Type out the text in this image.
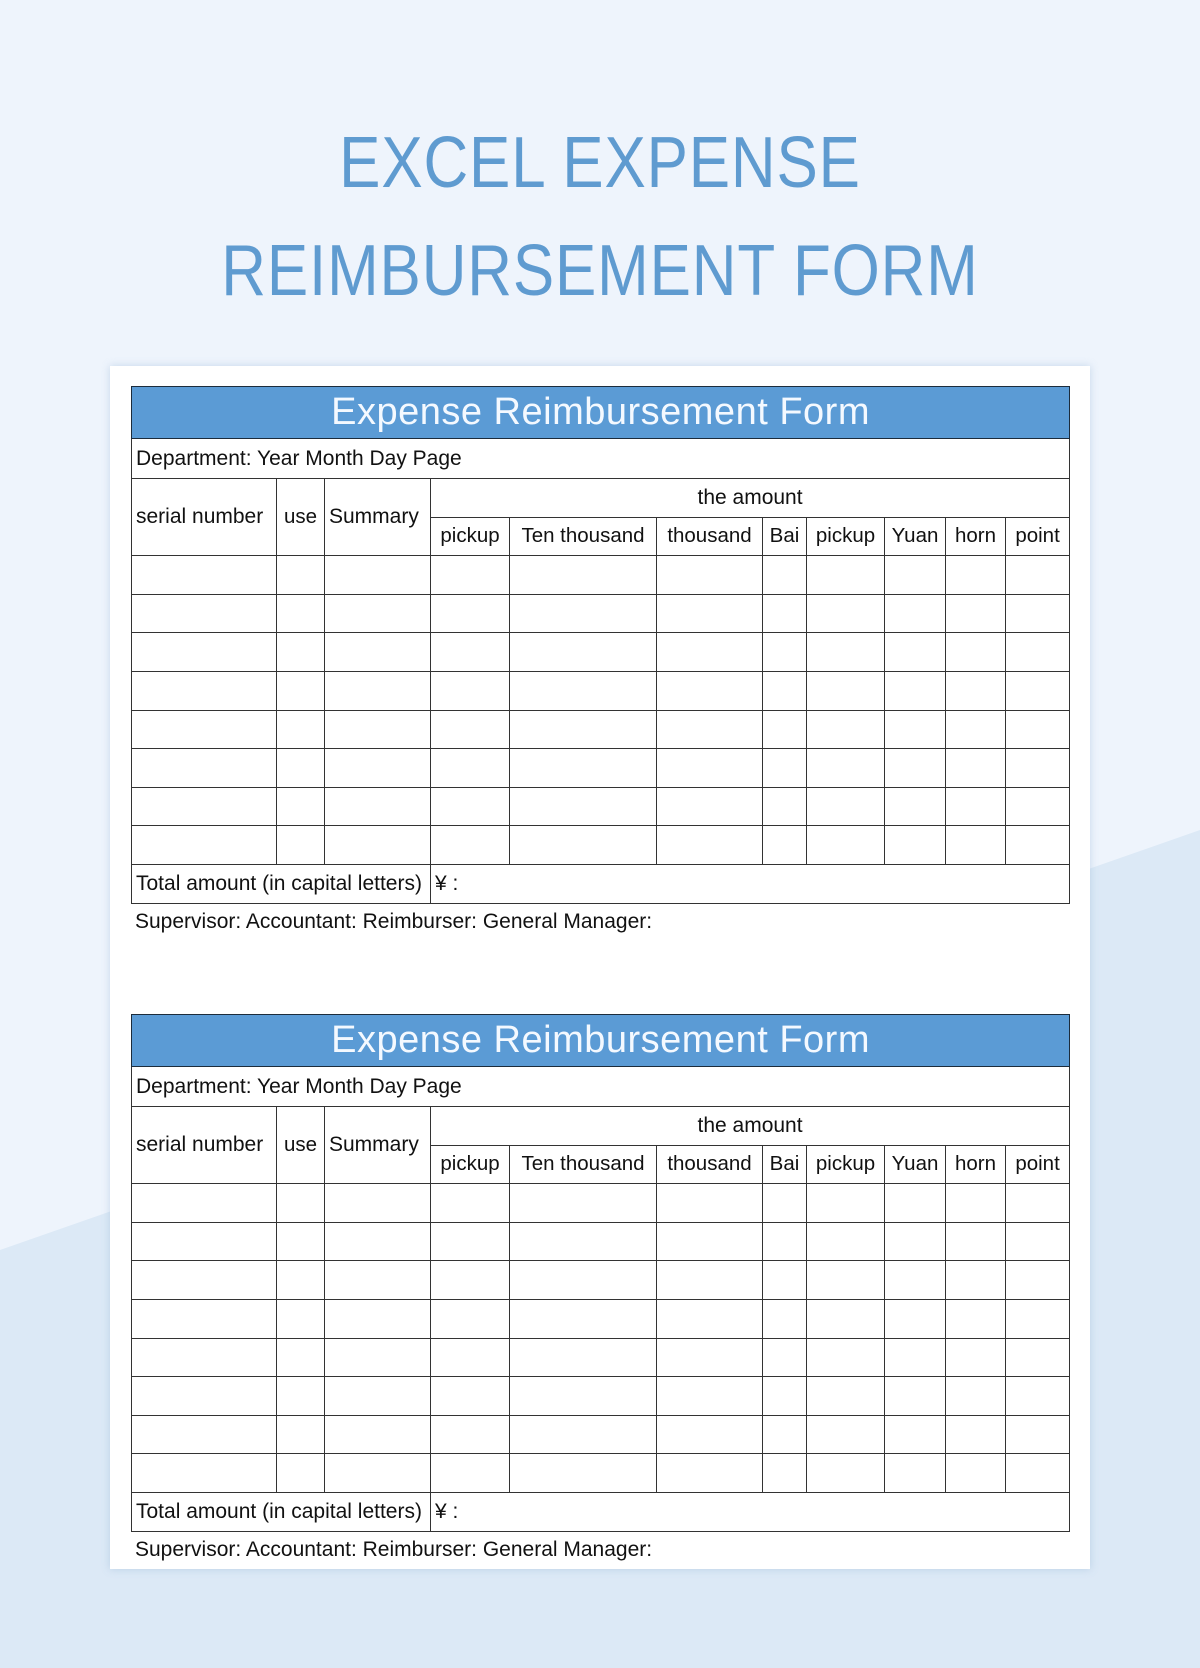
EXCEL EXPENSE
REIMBURSEMENT FORM
Expense Reimbursement Form										
Department: Year Month Day Page										
serial number	use	Summary	the amount							
			pickup	Ten thousand	thousand	Bai	pickup	Yuan	horn	point

Total amount (in capital letters)			¥ :							
Supervisor: Accountant: Reimburser: General Manager:
Expense Reimbursement Form										
Department: Year Month Day Page										
serial number	use	Summary	the amount							
			pickup	Ten thousand	thousand	Bai	pickup	Yuan	horn	point

Total amount (in capital letters)			¥ :							
Supervisor: Accountant: Reimburser: General Manager:
